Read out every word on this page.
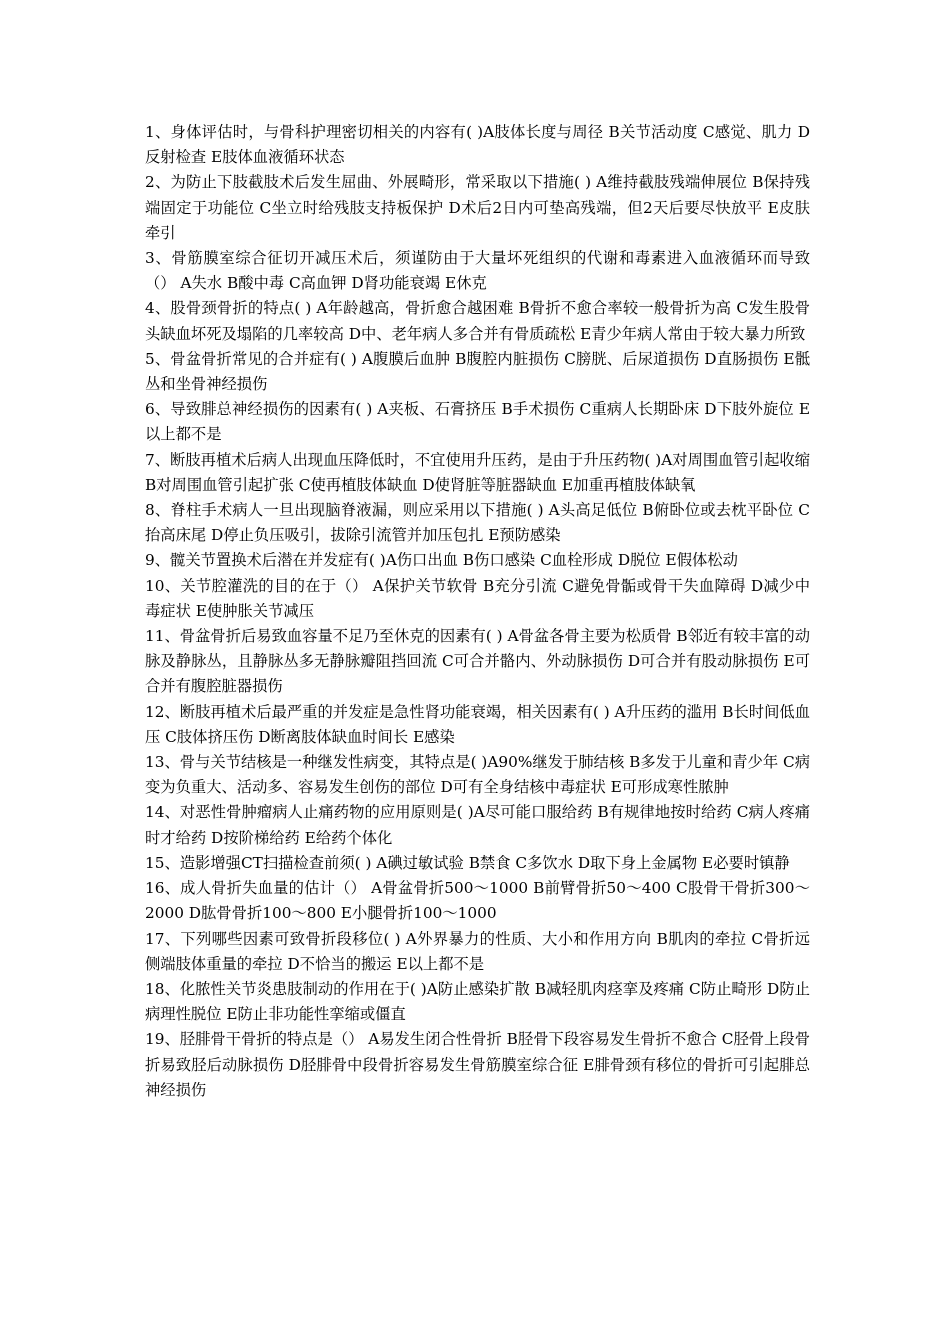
1、身体评估时，与骨科护理密切相关的内容有( )A肢体长度与周径 B关节活动度 C感觉、肌力 D反射检查 E肢体血液循环状态

2、为防止下肢截肢术后发生屈曲、外展畸形，常采取以下措施( ) A维持截肢残端伸展位 B保持残端固定于功能位 C坐立时给残肢支持板保护 D术后2日内可垫高残端，但2天后要尽快放平 E皮肤牵引

3、骨筋膜室综合征切开减压术后，须谨防由于大量坏死组织的代谢和毒素进入血液循环而导致（） A失水 B酸中毒 C高血钾 D肾功能衰竭 E休克

4、股骨颈骨折的特点( ) A年龄越高，骨折愈合越困难 B骨折不愈合率较一般骨折为高 C发生股骨头缺血坏死及塌陷的几率较高 D中、老年病人多合并有骨质疏松 E青少年病人常由于较大暴力所致

5、骨盆骨折常见的合并症有( ) A腹膜后血肿 B腹腔内脏损伤 C膀胱、后尿道损伤 D直肠损伤 E骶丛和坐骨神经损伤

6、导致腓总神经损伤的因素有( ) A夹板、石膏挤压 B手术损伤 C重病人长期卧床 D下肢外旋位 E以上都不是

7、断肢再植术后病人出现血压降低时，不宜使用升压药，是由于升压药物( )A对周围血管引起收缩 B对周围血管引起扩张 C使再植肢体缺血 D使肾脏等脏器缺血 E加重再植肢体缺氧

8、脊柱手术病人一旦出现脑脊液漏，则应采用以下措施( ) A头高足低位 B俯卧位或去枕平卧位 C抬高床尾 D停止负压吸引，拔除引流管并加压包扎 E预防感染

9、髋关节置换术后潜在并发症有( )A伤口出血 B伤口感染 C血栓形成 D脱位 E假体松动

10、关节腔灌洗的目的在于（） A保护关节软骨 B充分引流 C避免骨骺或骨干失血障碍 D减少中毒症状 E使肿胀关节减压

11、骨盆骨折后易致血容量不足乃至休克的因素有( ) A骨盆各骨主要为松质骨 B邻近有较丰富的动脉及静脉丛，且静脉丛多无静脉瓣阻挡回流 C可合并骼内、外动脉损伤 D可合并有股动脉损伤 E可合并有腹腔脏器损伤

12、断肢再植术后最严重的并发症是急性肾功能衰竭，相关因素有( ) A升压药的滥用 B长时间低血压 C肢体挤压伤 D断离肢体缺血时间长 E感染

13、骨与关节结核是一种继发性病变，其特点是( )A90%继发于肺结核 B多发于儿童和青少年 C病变为负重大、活动多、容易发生创伤的部位 D可有全身结核中毒症状 E可形成寒性脓肿

14、对恶性骨肿瘤病人止痛药物的应用原则是( )A尽可能口服给药 B有规律地按时给药 C病人疼痛时才给药 D按阶梯给药 E给药个体化

15、造影增强CT扫描检查前须( ) A碘过敏试验 B禁食 C多饮水 D取下身上金属物 E必要时镇静

16、成人骨折失血量的估计（） A骨盆骨折500～1000 B前臂骨折50～400 C股骨干骨折300～2000 D肱骨骨折100～800 E小腿骨折100～1000

17、下列哪些因素可致骨折段移位( ) A外界暴力的性质、大小和作用方向 B肌肉的牵拉 C骨折远侧端肢体重量的牵拉 D不恰当的搬运 E以上都不是

18、化脓性关节炎患肢制动的作用在于( )A防止感染扩散 B减轻肌肉痉挛及疼痛 C防止畸形 D防止病理性脱位 E防止非功能性挛缩或僵直

19、胫腓骨干骨折的特点是（） A易发生闭合性骨折 B胫骨下段容易发生骨折不愈合 C胫骨上段骨折易致胫后动脉损伤 D胫腓骨中段骨折容易发生骨筋膜室综合征 E腓骨颈有移位的骨折可引起腓总神经损伤
